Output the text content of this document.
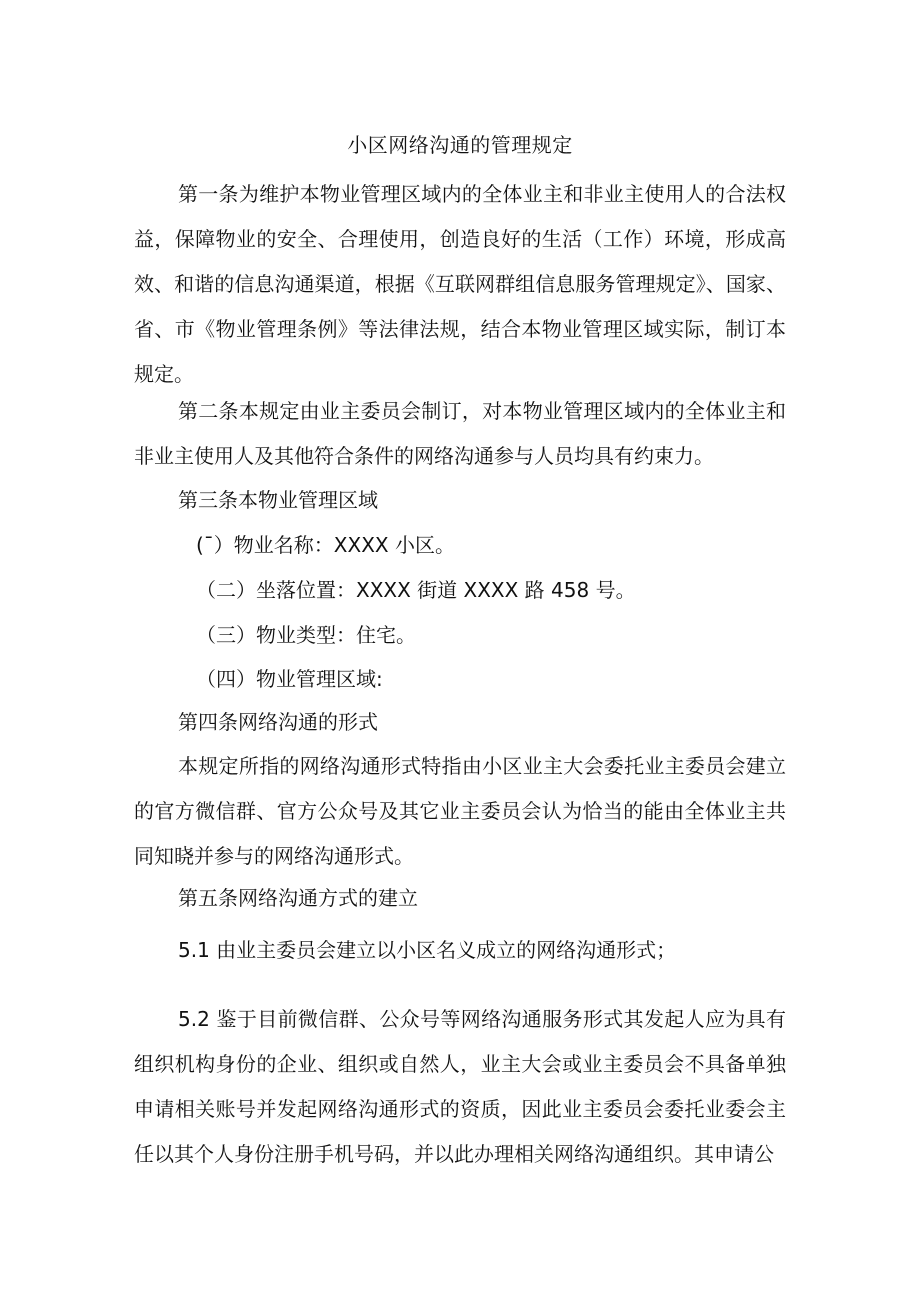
小区网络沟通的管理规定

第一条为维护本物业管理区域内的全体业主和非业主使用人的合法权益，保障物业的安全、合理使用，创造良好的生活（工作）环境，形成高效、和谐的信息沟通渠道，根据《互联网群组信息服务管理规定》、国家、省、市《物业管理条例》等法律法规，结合本物业管理区域实际，制订本规定。

第二条本规定由业主委员会制订，对本物业管理区域内的全体业主和非业主使用人及其他符合条件的网络沟通参与人员均具有约束力。

第三条本物业管理区域

(¯）物业名称：XXXX 小区。

（二）坐落位置：XXXX 街道 XXXX 路 458 号。

（三）物业类型：住宅。

（四）物业管理区域:

第四条网络沟通的形式

本规定所指的网络沟通形式特指由小区业主大会委托业主委员会建立的官方微信群、官方公众号及其它业主委员会认为恰当的能由全体业主共同知晓并参与的网络沟通形式。

第五条网络沟通方式的建立

5.1 由业主委员会建立以小区名义成立的网络沟通形式；

5.2 鉴于目前微信群、公众号等网络沟通服务形式其发起人应为具有组织机构身份的企业、组织或自然人，业主大会或业主委员会不具备单独申请相关账号并发起网络沟通形式的资质，因此业主委员会委托业委会主任以其个人身份注册手机号码，并以此办理相关网络沟通组织。其申请公
